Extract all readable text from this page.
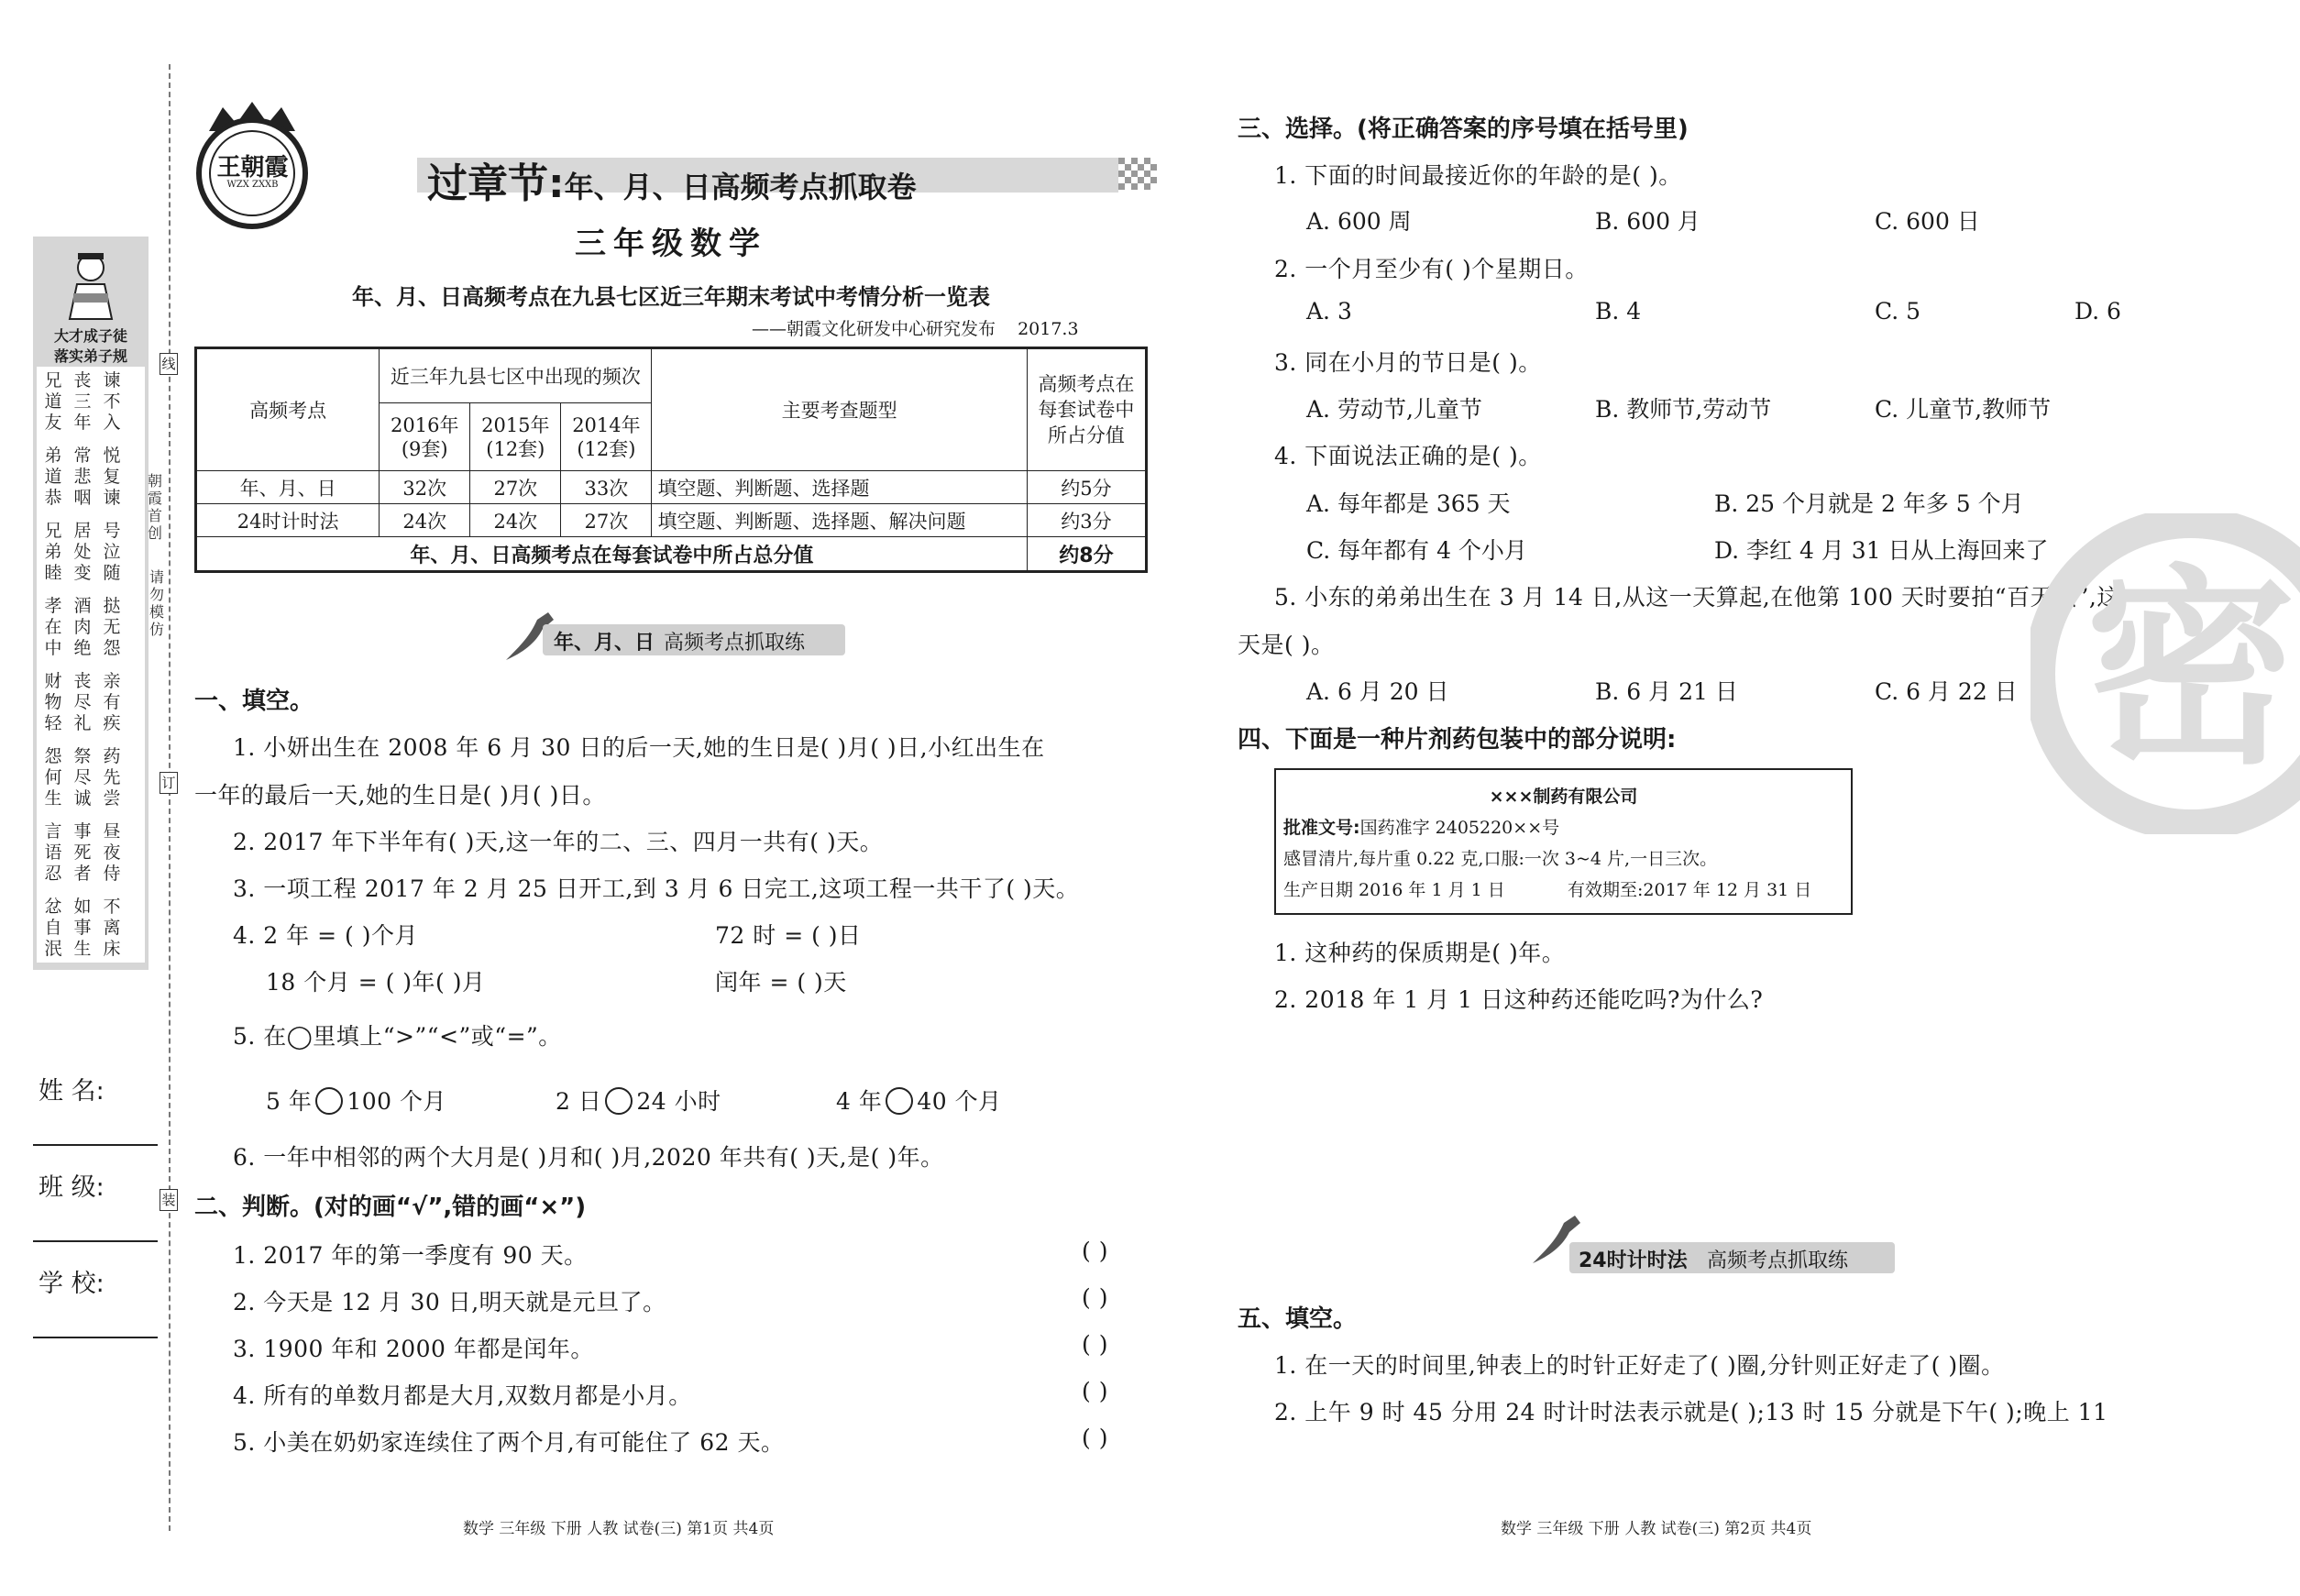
大才成子徒
落实弟子规
兄道友
丧三年
谏不入
弟道恭
常悲咽
悦复谏
兄弟睦
居处变
号泣随
孝在中
酒肉绝
挞无怨
财物轻
丧尽礼
亲有疾
怨何生
祭尽诚
药先尝
言语忍
事死者
昼夜侍
忿自泯
如事生
不离床
姓 名:
班 级:
学 校:
线
朝霞首创
请勿模仿
订
装
王朝霞
WZX ZXXB	过章节:年、月、日高频考点抓取卷
三年级数学
年、月、日高频考点在九县七区近三年期末考试中考情分析一览表
——朝霞文化研发中心研究发布 2017.3
高频考点	近三年九县七区中出现的频次			主要考查题型	高频考点在每套试卷中所占分值
	2016年(9套)	2015年(12套)	2014年(12套)		
年、月、日	32次	27次	33次	填空题、判断题、选择题	约5分
24时计时法	24次	24次	27次	填空题、判断题、选择题、解决问题	约3分
年、月、日高频考点在每套试卷中所占总分值					约8分
年、月、日 高频考点抓取练
一、填空。
1. 小妍出生在 2008 年 6 月 30 日的后一天,她的生日是( )月( )日,小红出生在
一年的最后一天,她的生日是( )月( )日。
2. 2017 年下半年有( )天,这一年的二、三、四月一共有( )天。
3. 一项工程 2017 年 2 月 25 日开工,到 3 月 6 日完工,这项工程一共干了( )天。
4. 2 年 = ( )个月	72 时 = ( )日
18 个月 = ( )年( )月	闰年 = ( )天
5. 在◯里填上“>”“<”或“=”。
5 年 100 个月	2 日 24 小时	4 年 40 个月
6. 一年中相邻的两个大月是( )月和( )月,2020 年共有( )天,是( )年。
二、判断。(对的画“√”,错的画“×”)
1. 2017 年的第一季度有 90 天。
2. 今天是 12 月 30 日,明天就是元旦了。
3. 1900 年和 2000 年都是闰年。
4. 所有的单数月都是大月,双数月都是小月。
5. 小美在奶奶家连续住了两个月,有可能住了 62 天。
( )
( )
( )
( )
( )
数学 三年级 下册 人教 试卷(三) 第1页 共4页
三、选择。(将正确答案的序号填在括号里)
1. 下面的时间最接近你的年龄的是( )。
A. 600 周	B. 600 月	C. 600 日
2. 一个月至少有( )个星期日。
A. 3	B. 4	C. 5	D. 6
3. 同在小月的节日是( )。
A. 劳动节,儿童节	B. 教师节,劳动节	C. 儿童节,教师节
4. 下面说法正确的是( )。
A. 每年都是 365 天	B. 25 个月就是 2 年多 5 个月
C. 每年都有 4 个小月	D. 李红 4 月 31 日从上海回来了
5. 小东的弟弟出生在 3 月 14 日,从这一天算起,在他第 100 天时要拍“百天照”,这一
天是( )。
A. 6 月 20 日	B. 6 月 21 日	C. 6 月 22 日 密
四、下面是一种片剂药包装中的部分说明:
×××制药有限公司
批准文号:国药准字 2405220××号
感冒清片,每片重 0.22 克,口服:一次 3~4 片,一日三次。
生产日期 2016 年 1 月 1 日	有效期至:2017 年 12 月 31 日
1. 这种药的保质期是( )年。
2. 2018 年 1 月 1 日这种药还能吃吗?为什么?
24时计时法 高频考点抓取练
五、填空。
1. 在一天的时间里,钟表上的时针正好走了( )圈,分针则正好走了( )圈。
2. 上午 9 时 45 分用 24 时计时法表示就是( );13 时 15 分就是下午( );晚上 11
数学 三年级 下册 人教 试卷(三) 第2页 共4页
